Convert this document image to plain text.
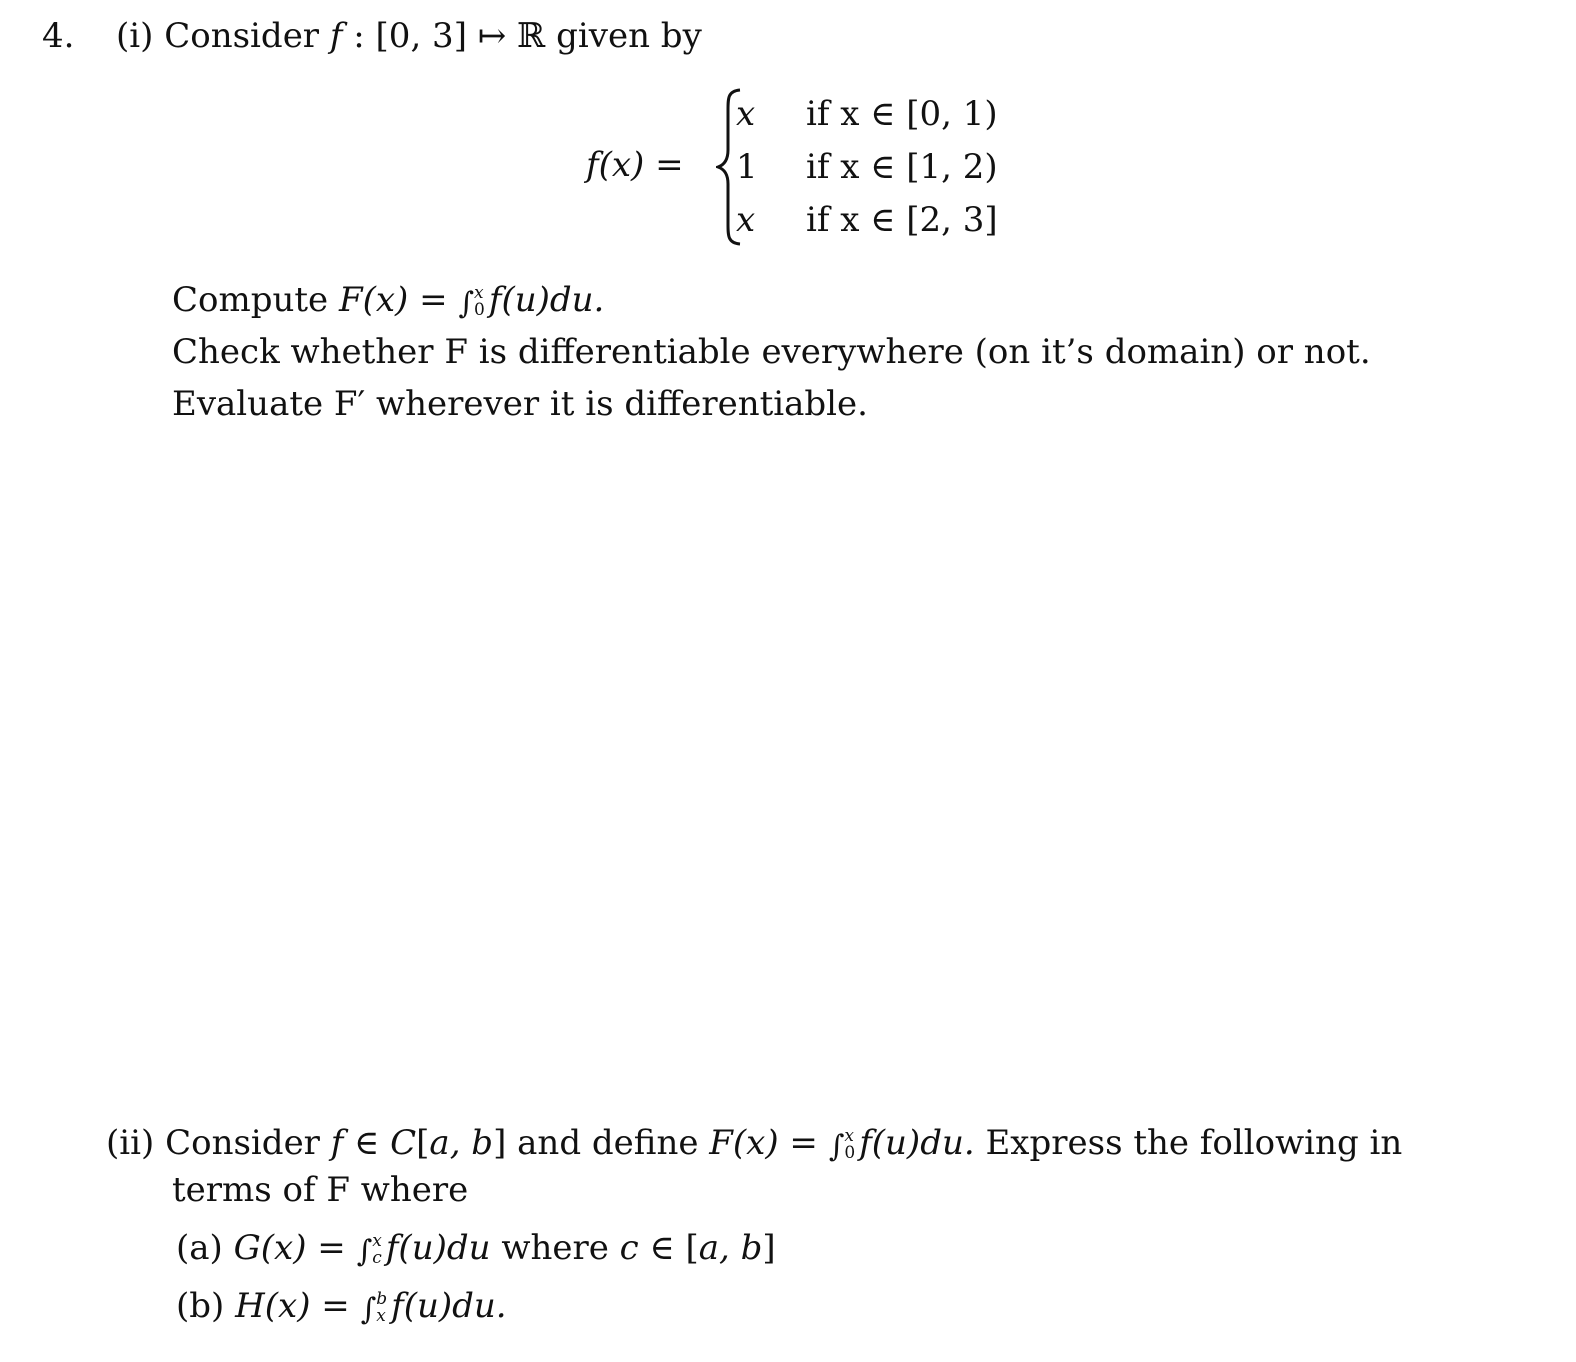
4. (i) Consider f : [0, 3] ↦ ℝ given by
f(x) =
x if x ∈ [0, 1)
1 if x ∈ [1, 2)
x if x ∈ [2, 3]
Compute F(x) = ∫ x
0 f(u)du.
Check whether F is differentiable everywhere (on it’s domain) or not.
Evaluate F′ wherever it is differentiable.
(ii) Consider f ∈ C[a, b] and define F(x) = ∫ x
0 f(u)du. Express the following in
terms of F where
(a) G(x) = ∫ x
c f(u)du where c ∈ [a, b]
(b) H(x) = ∫ b
x f(u)du.
